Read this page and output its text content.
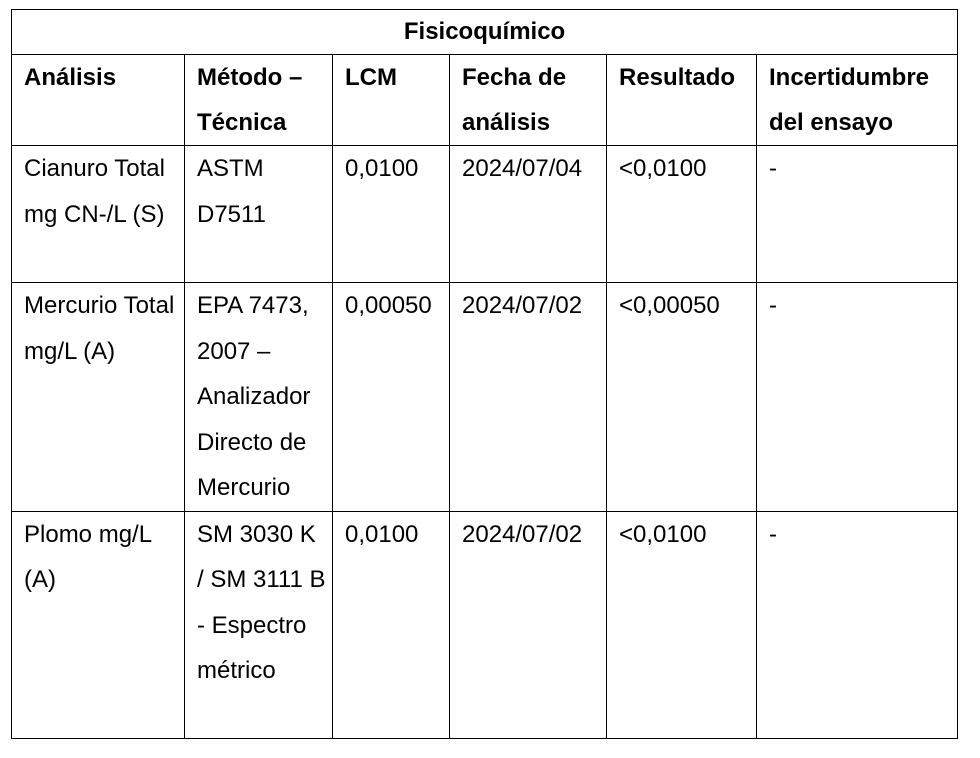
Fisicoquímico					
Análisis	Método – Técnica	LCM	Fecha de análisis	Resultado	Incertidumbre del ensayo
Cianuro Total mg CN-/L (S)	ASTM D7511	0,0100	2024/07/04	<0,0100	-
Mercurio Total mg/L (A)	EPA 7473, 2007 – Analizador Directo de Mercurio	0,00050	2024/07/02	<0,00050	-
Plomo mg/L (A)	SM 3030 K / SM 3111 B - Espectro métrico	0,0100	2024/07/02	<0,0100	-
